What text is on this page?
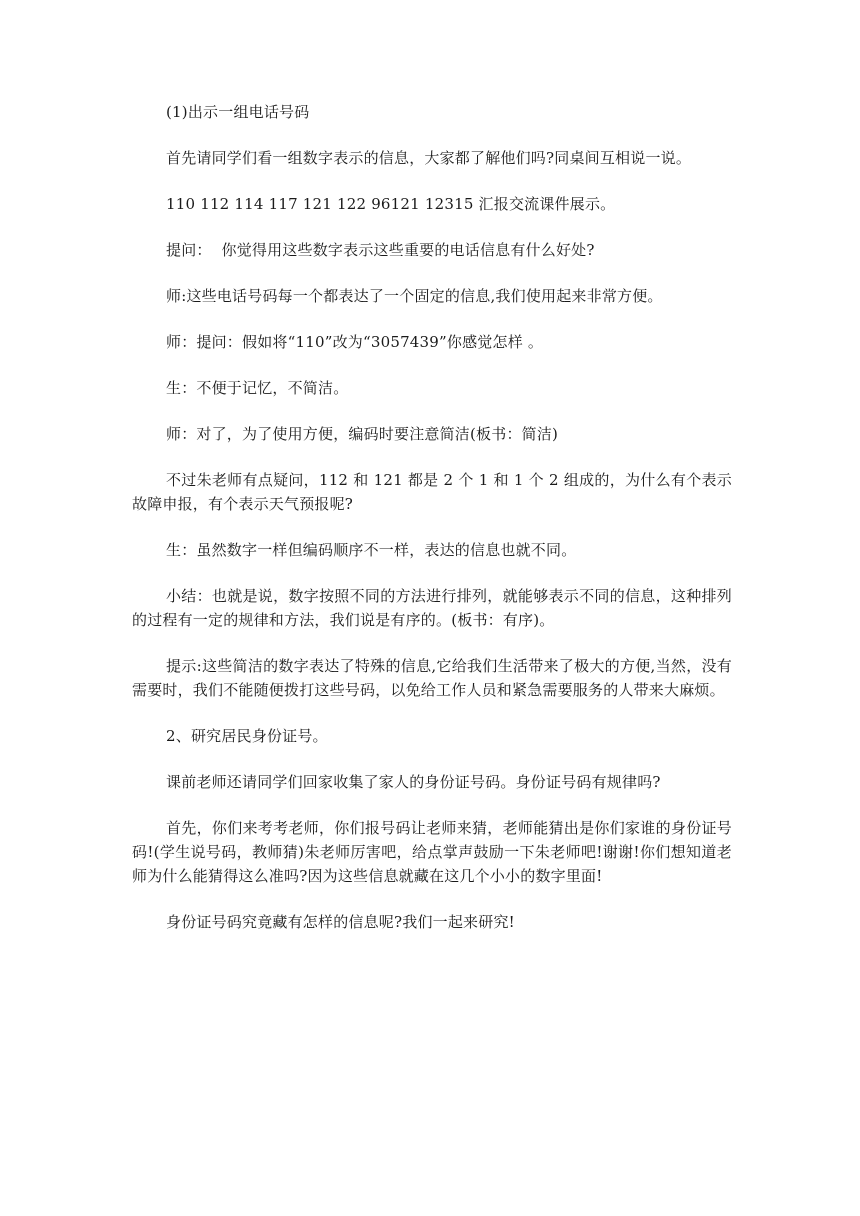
(1)出示一组电话号码

首先请同学们看一组数字表示的信息，大家都了解他们吗?同桌间互相说一说。

110 112 114 117 121 122 96121 12315 汇报交流课件展示。

提问：  你觉得用这些数字表示这些重要的电话信息有什么好处?

师:这些电话号码每一个都表达了一个固定的信息,我们使用起来非常方便。

师：提问：假如将“110”改为“3057439”你感觉怎样 。

生：不便于记忆，不简洁。

师：对了，为了使用方便，编码时要注意简洁(板书：简洁)

不过朱老师有点疑问，112 和 121 都是 2 个 1 和 1 个 2 组成的，为什么有个表示故障申报，有个表示天气预报呢?

生：虽然数字一样但编码顺序不一样，表达的信息也就不同。

小结：也就是说，数字按照不同的方法进行排列，就能够表示不同的信息，这种排列的过程有一定的规律和方法，我们说是有序的。(板书：有序)。

提示:这些简洁的数字表达了特殊的信息,它给我们生活带来了极大的方便,当然，没有需要时，我们不能随便拨打这些号码，以免给工作人员和紧急需要服务的人带来大麻烦。

2、研究居民身份证号。

课前老师还请同学们回家收集了家人的身份证号码。身份证号码有规律吗?

首先，你们来考考老师，你们报号码让老师来猜，老师能猜出是你们家谁的身份证号码!(学生说号码，教师猜)朱老师厉害吧，给点掌声鼓励一下朱老师吧!谢谢!你们想知道老师为什么能猜得这么准吗?因为这些信息就藏在这几个小小的数字里面!

身份证号码究竟藏有怎样的信息呢?我们一起来研究!
